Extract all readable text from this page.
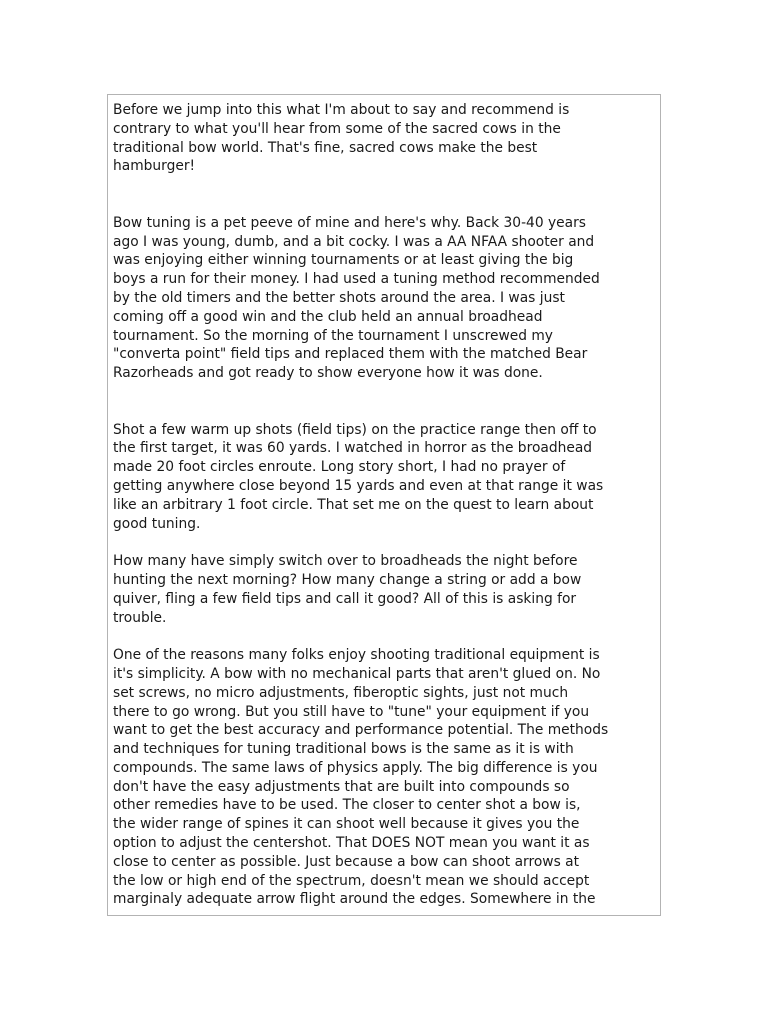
Before we jump into this what I'm about to say and recommend is
contrary to what you'll hear from some of the sacred cows in the
traditional bow world. That's fine, sacred cows make the best
hamburger!

Bow tuning is a pet peeve of mine and here's why. Back 30-40 years
ago I was young, dumb, and a bit cocky. I was a AA NFAA shooter and
was enjoying either winning tournaments or at least giving the big
boys a run for their money. I had used a tuning method recommended
by the old timers and the better shots around the area. I was just
coming off a good win and the club held an annual broadhead
tournament. So the morning of the tournament I unscrewed my
"converta point" field tips and replaced them with the matched Bear
Razorheads and got ready to show everyone how it was done.

Shot a few warm up shots (field tips) on the practice range then off to
the first target, it was 60 yards. I watched in horror as the broadhead
made 20 foot circles enroute. Long story short, I had no prayer of
getting anywhere close beyond 15 yards and even at that range it was
like an arbitrary 1 foot circle. That set me on the quest to learn about
good tuning.

How many have simply switch over to broadheads the night before
hunting the next morning? How many change a string or add a bow
quiver, fling a few field tips and call it good? All of this is asking for
trouble.

One of the reasons many folks enjoy shooting traditional equipment is
it's simplicity. A bow with no mechanical parts that aren't glued on. No
set screws, no micro adjustments, fiberoptic sights, just not much
there to go wrong. But you still have to "tune" your equipment if you
want to get the best accuracy and performance potential. The methods
and techniques for tuning traditional bows is the same as it is with
compounds. The same laws of physics apply. The big difference is you
don't have the easy adjustments that are built into compounds so
other remedies have to be used. The closer to center shot a bow is,
the wider range of spines it can shoot well because it gives you the
option to adjust the centershot. That DOES NOT mean you want it as
close to center as possible. Just because a bow can shoot arrows at
the low or high end of the spectrum, doesn't mean we should accept
marginaly adequate arrow flight around the edges. Somewhere in the
